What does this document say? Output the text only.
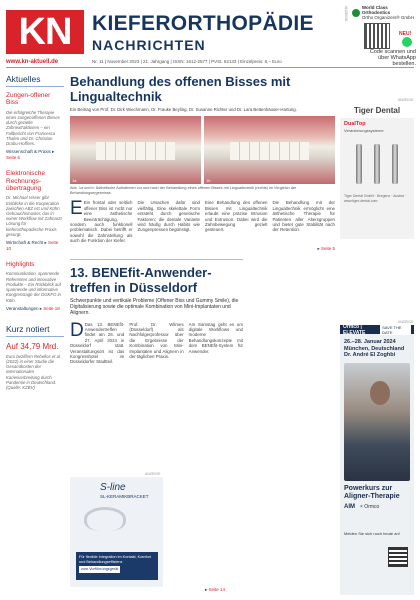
KN KIEFERORTHOPÄDIE
NACHRICHTEN
www.kn-aktuell.de	Nr. 11 | November 2023 | 21. Jahrgang | ISSN: 1612-2577 | PVSt. 62133 | Einzelpreis: 6,– Euro
ANZEIGE	World Class Orthodontics
Ortho Organizers® GmbH
NEU!
Code scannen und über WhatsApp bestellen.
Aktuelles
Zungen-offener Biss
Die erfolgreiche Therapie eines zungenoffenen Bisses durch gezielte Zahnextraktionen – ein Fallbericht von Francesca Thalen und Dr. Christian Drabu-Hoffnes.
Wissenschaft & Praxis ▸ Seite 6
Elektronische Rechnungs-übertragung
Dr. Michael Visser gibt Einblicke in die Kooperation zwischen ABZ eG und Kühn Gebrauchsmuster, das in seiner Workflow mit Zahnarzt Lösung für kieferorthopädische Praxis gesorgt.
Wirtschaft & Recht ▸ Seite 10
Highlights
Kommunikation, spannende Referenten und innovative Produkte – Ein Rückblick auf spannende und informative Kongresstage der DGKFO in Köln.
Veranstaltungen ▸ Seite 18
Kurz notiert
Auf 34,79 Mrd.
Euro beziffern Rebellos et al. (2022) in einer Studie die Gesamtkosten der internationalen Kariesverbreitung durch Pandemie in Deutschland. (Quelle: KZBV)
Behandlung des offenen Bisses mit Lingualtechnik
Ein Beitrag von Prof. Dr. Dirk Wiechmann, Dr. Frauke Beyling, Dr. Susanne Richter und Dr. Lara Bettenhäuser-Hartung.
1a	1b
Abb. 1a und b: Ästhetische Aufnahmen vor und nach der Behandlung eines offenen Bisses mit Lingualtechnik (rechts) im Vergleich der Behandlungsergebnisse.
E Ein frontal oder seitlich offener Biss ist nicht nur eine ästhetische Beeinträchtigung, sondern auch funktionell problematisch. Dabei betrifft er sowohl die Zahnstellung als auch die Funktion der Kiefer.
Die Ursachen dafür sind vielfältig. Eine skelettale Form entsteht durch genetische Faktoren; die dentale Variante wird häufig durch Habits wie Zungenpressen begünstigt.
Eine Behandlung des offenen Bisses mit Lingualtechnik erlaubt eine präzise Intrusion und Extrusion. Dabei wird die Zahnbewegung gezielt gesteuert.
Die Behandlung mit der Lingualtechnik ermöglicht eine ästhetische Therapie für Patienten aller Altersgruppen und bietet gute Stabilität nach der Retention.
▸ Seite 5
13. BENEfit-Anwender-treffen in Düsseldorf
Schwerpunkte und vertikale Probleme (Offener Biss und Gummy Smile), die Digitalisierung sowie die optimale Kombination von Mini-Implantaten und Alignern.
D Das 13. BENEfit-Anwendertreffen findet am 26. und 27. April 2024 in Düsseldorf statt. Veranstaltungsort ist das Kongresshotel im Düsseldorfer Stadtteil.
Prof. Dr. Wilmes (Düsseldorf) als Nachfolgerprofessor über die Ergebnisse der Kombination von Mini-Implantaten und Alignern in der täglichen Praxis.
Am Samstag geht es um digitale Workflows und moderne Behandlungskonzepte mit dem BENEfit-System für Anwender.
▸ Seite 14
ANZEIGE
Tiger Dental
DualTop
Verankerungssysteme
Tiger Dental GmbH · Bregenz · Austria · www.tiger-dental.com
ANZEIGE
Ormco | ELEVATE
SAVE THE DATE
26.–28. Januar 2024 München, Deutschland
Dr. André El Zoghbi
Powerkurs zur Aligner-Therapie
AIM × Ormco
Melden Sie sich noch heute an!
ANZEIGE
S-line
SL-KERAMIKBRACKET
Für flexible Integration im Kontakt, Komfort und Behandlungseffizienz
zum Vorführungsgerät
